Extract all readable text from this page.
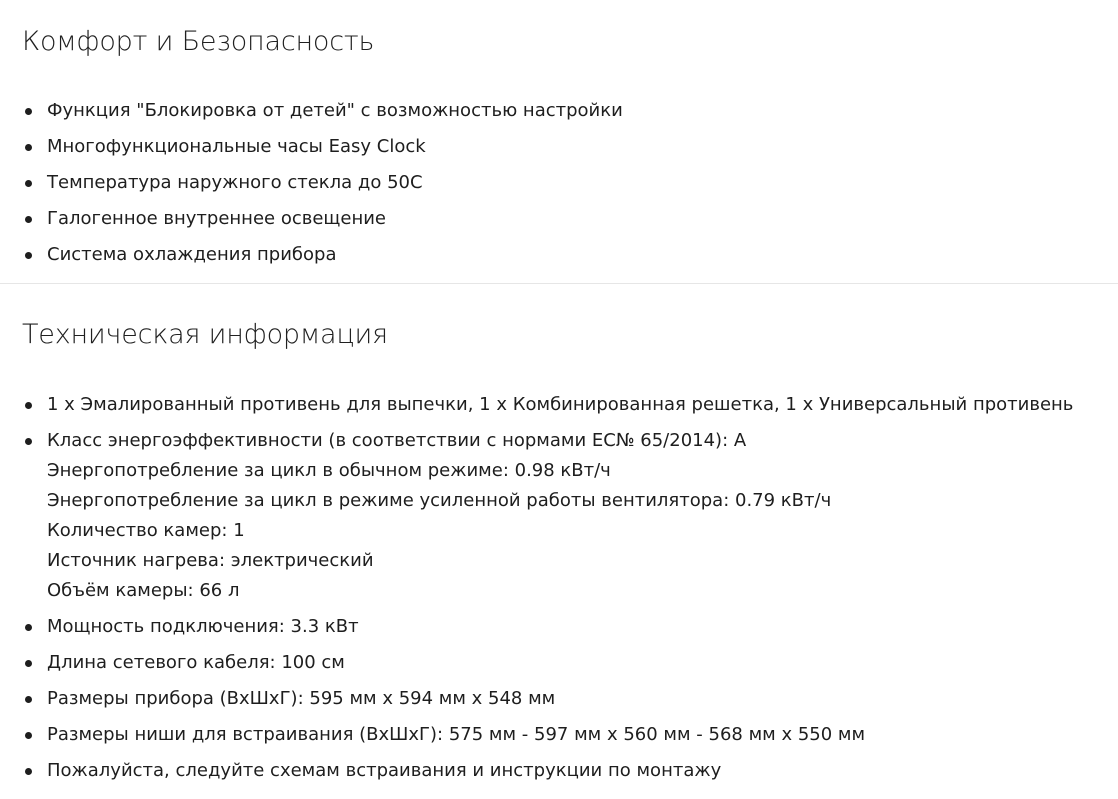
Комфорт и Безопасность
Функция "Блокировка от детей" с возможностью настройки
Многофункциональные часы Easy Clock
Температура наружного стекла до 50С
Галогенное внутреннее освещение
Система охлаждения прибора
Техническая информация
1 x Эмалированный противень для выпечки, 1 x Комбинированная решетка, 1 x Универсальный противень
Класс энергоэффективности (в соответствии с нормами EC№ 65/2014): A
Энергопотребление за цикл в обычном режиме: 0.98 кВт/ч
Энергопотребление за цикл в режиме усиленной работы вентилятора: 0.79 кВт/ч
Количество камер: 1
Источник нагрева: электрический
Объём камеры: 66 л
Мощность подключения: 3.3 кВт
Длина сетевого кабеля: 100 см
Размеры прибора (ВхШхГ): 595 мм x 594 мм x 548 мм
Размеры ниши для встраивания (ВхШхГ): 575 мм - 597 мм x 560 мм - 568 мм x 550 мм
Пожалуйста, следуйте схемам встраивания и инструкции по монтажу
